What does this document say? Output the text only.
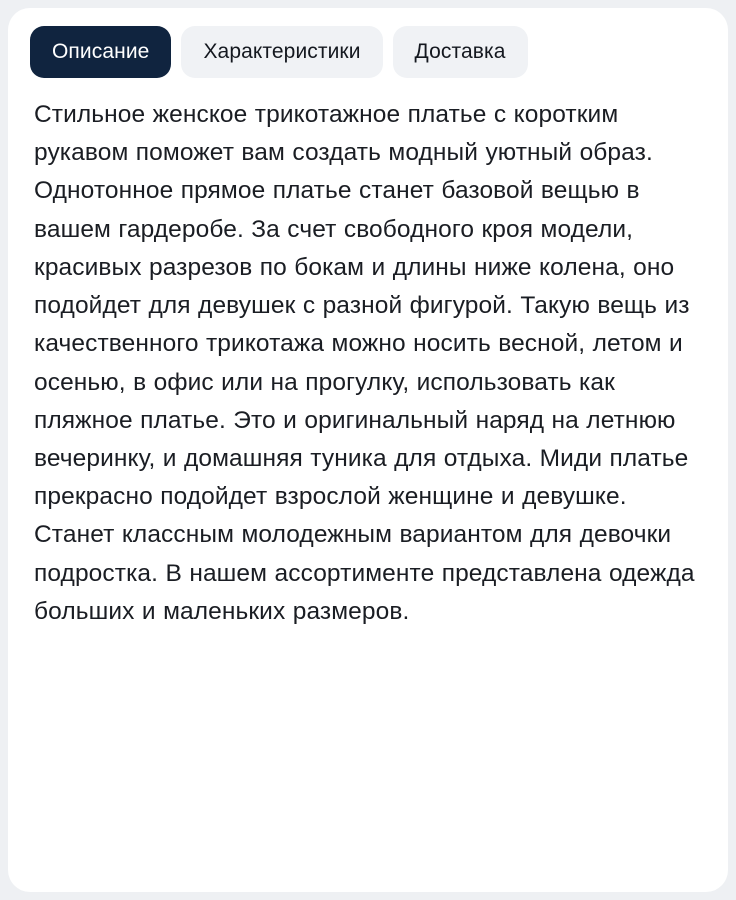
Описание	Характеристики	Доставка

Стильное женское трикотажное платье с коротким рукавом поможет вам создать модный уютный образ. Однотонное прямое платье станет базовой вещью в вашем гардеробе. За счет свободного кроя модели, красивых разрезов по бокам и длины ниже колена, оно подойдет для девушек с разной фигурой. Такую вещь из качественного трикотажа можно носить весной, летом и осенью, в офис или на прогулку, использовать как пляжное платье. Это и оригинальный наряд на летнюю вечеринку, и домашняя туника для отдыха. Миди платье прекрасно подойдет взрослой женщине и девушке. Станет классным молодежным вариантом для девочки подростка. В нашем ассортименте представлена одежда больших и маленьких размеров.
